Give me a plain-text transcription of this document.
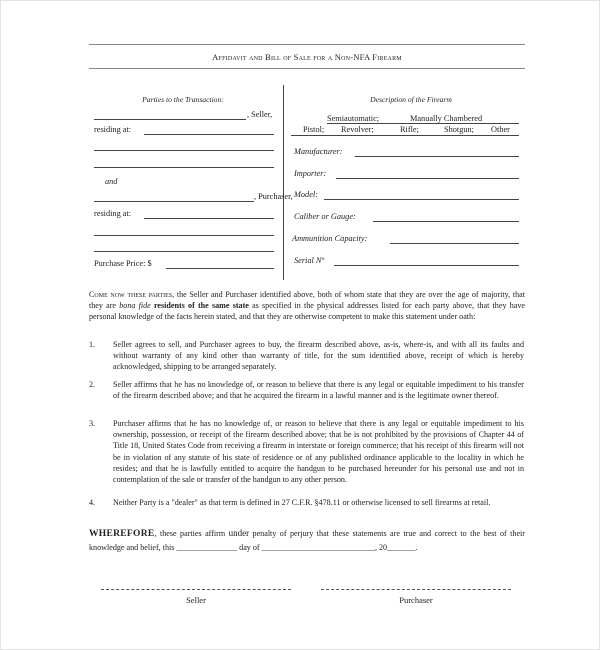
Affidavit and Bill of Sale for a Non-NFA Firearm
Parties to the Transaction:
, Seller,
residing at:
and
, Purchaser,
residing at:
Purchase Price: $
Description of the Firearm
Semiautomatic;	Manually Chambered
Pistol; Revolver;	Rifle;	Shotgun; Other
Manufacturer:
Importer:
Model:
Caliber or Gauge:
Ammunition Capacity:
Serial Nº
Come now these parties, the Seller and Purchaser identified above, both of whom state that they are over the age of majority, that they are bona fide residents of the same state as specified in the physical addresses listed for each party above, that they have personal knowledge of the facts herein stated, and that they are otherwise competent to make this statement under oath:
1. Seller agrees to sell, and Purchaser agrees to buy, the firearm described above, as-is, where-is, and with all its faults and without warranty of any kind other than warranty of title, for the sum identified above, receipt of which is hereby acknowledged, shipping to be arranged separately.
2. Seller affirms that he has no knowledge of, or reason to believe that there is any legal or equitable impediment to his transfer of the firearm described above; and that he acquired the firearm in a lawful manner and is the legitimate owner thereof.
3. Purchaser affirms that he has no knowledge of, or reason to believe that there is any legal or equitable impediment to his ownership, possession, or receipt of the firearm described above; that he is not prohibited by the provisions of Chapter 44 of Title 18, United States Code from receiving a firearm in interstate or foreign commerce; that his receipt of this firearm will not be in violation of any statute of his state of residence or of any published ordinance applicable to the locality in which he resides; and that he is lawfully entitled to acquire the handgun to be purchased hereunder for his personal use and not in contemplation of the sale or transfer of the handgun to any other person.
4. Neither Party is a "dealer" as that term is defined in 27 C.F.R. §478.11 or otherwise licensed to sell firearms at retail.
WHEREFORE, these parties affirm under penalty of perjury that these statements are true and correct to the best of their knowledge and belief, this _______________ day of ____________________________, 20_______.
Seller	Purchaser
